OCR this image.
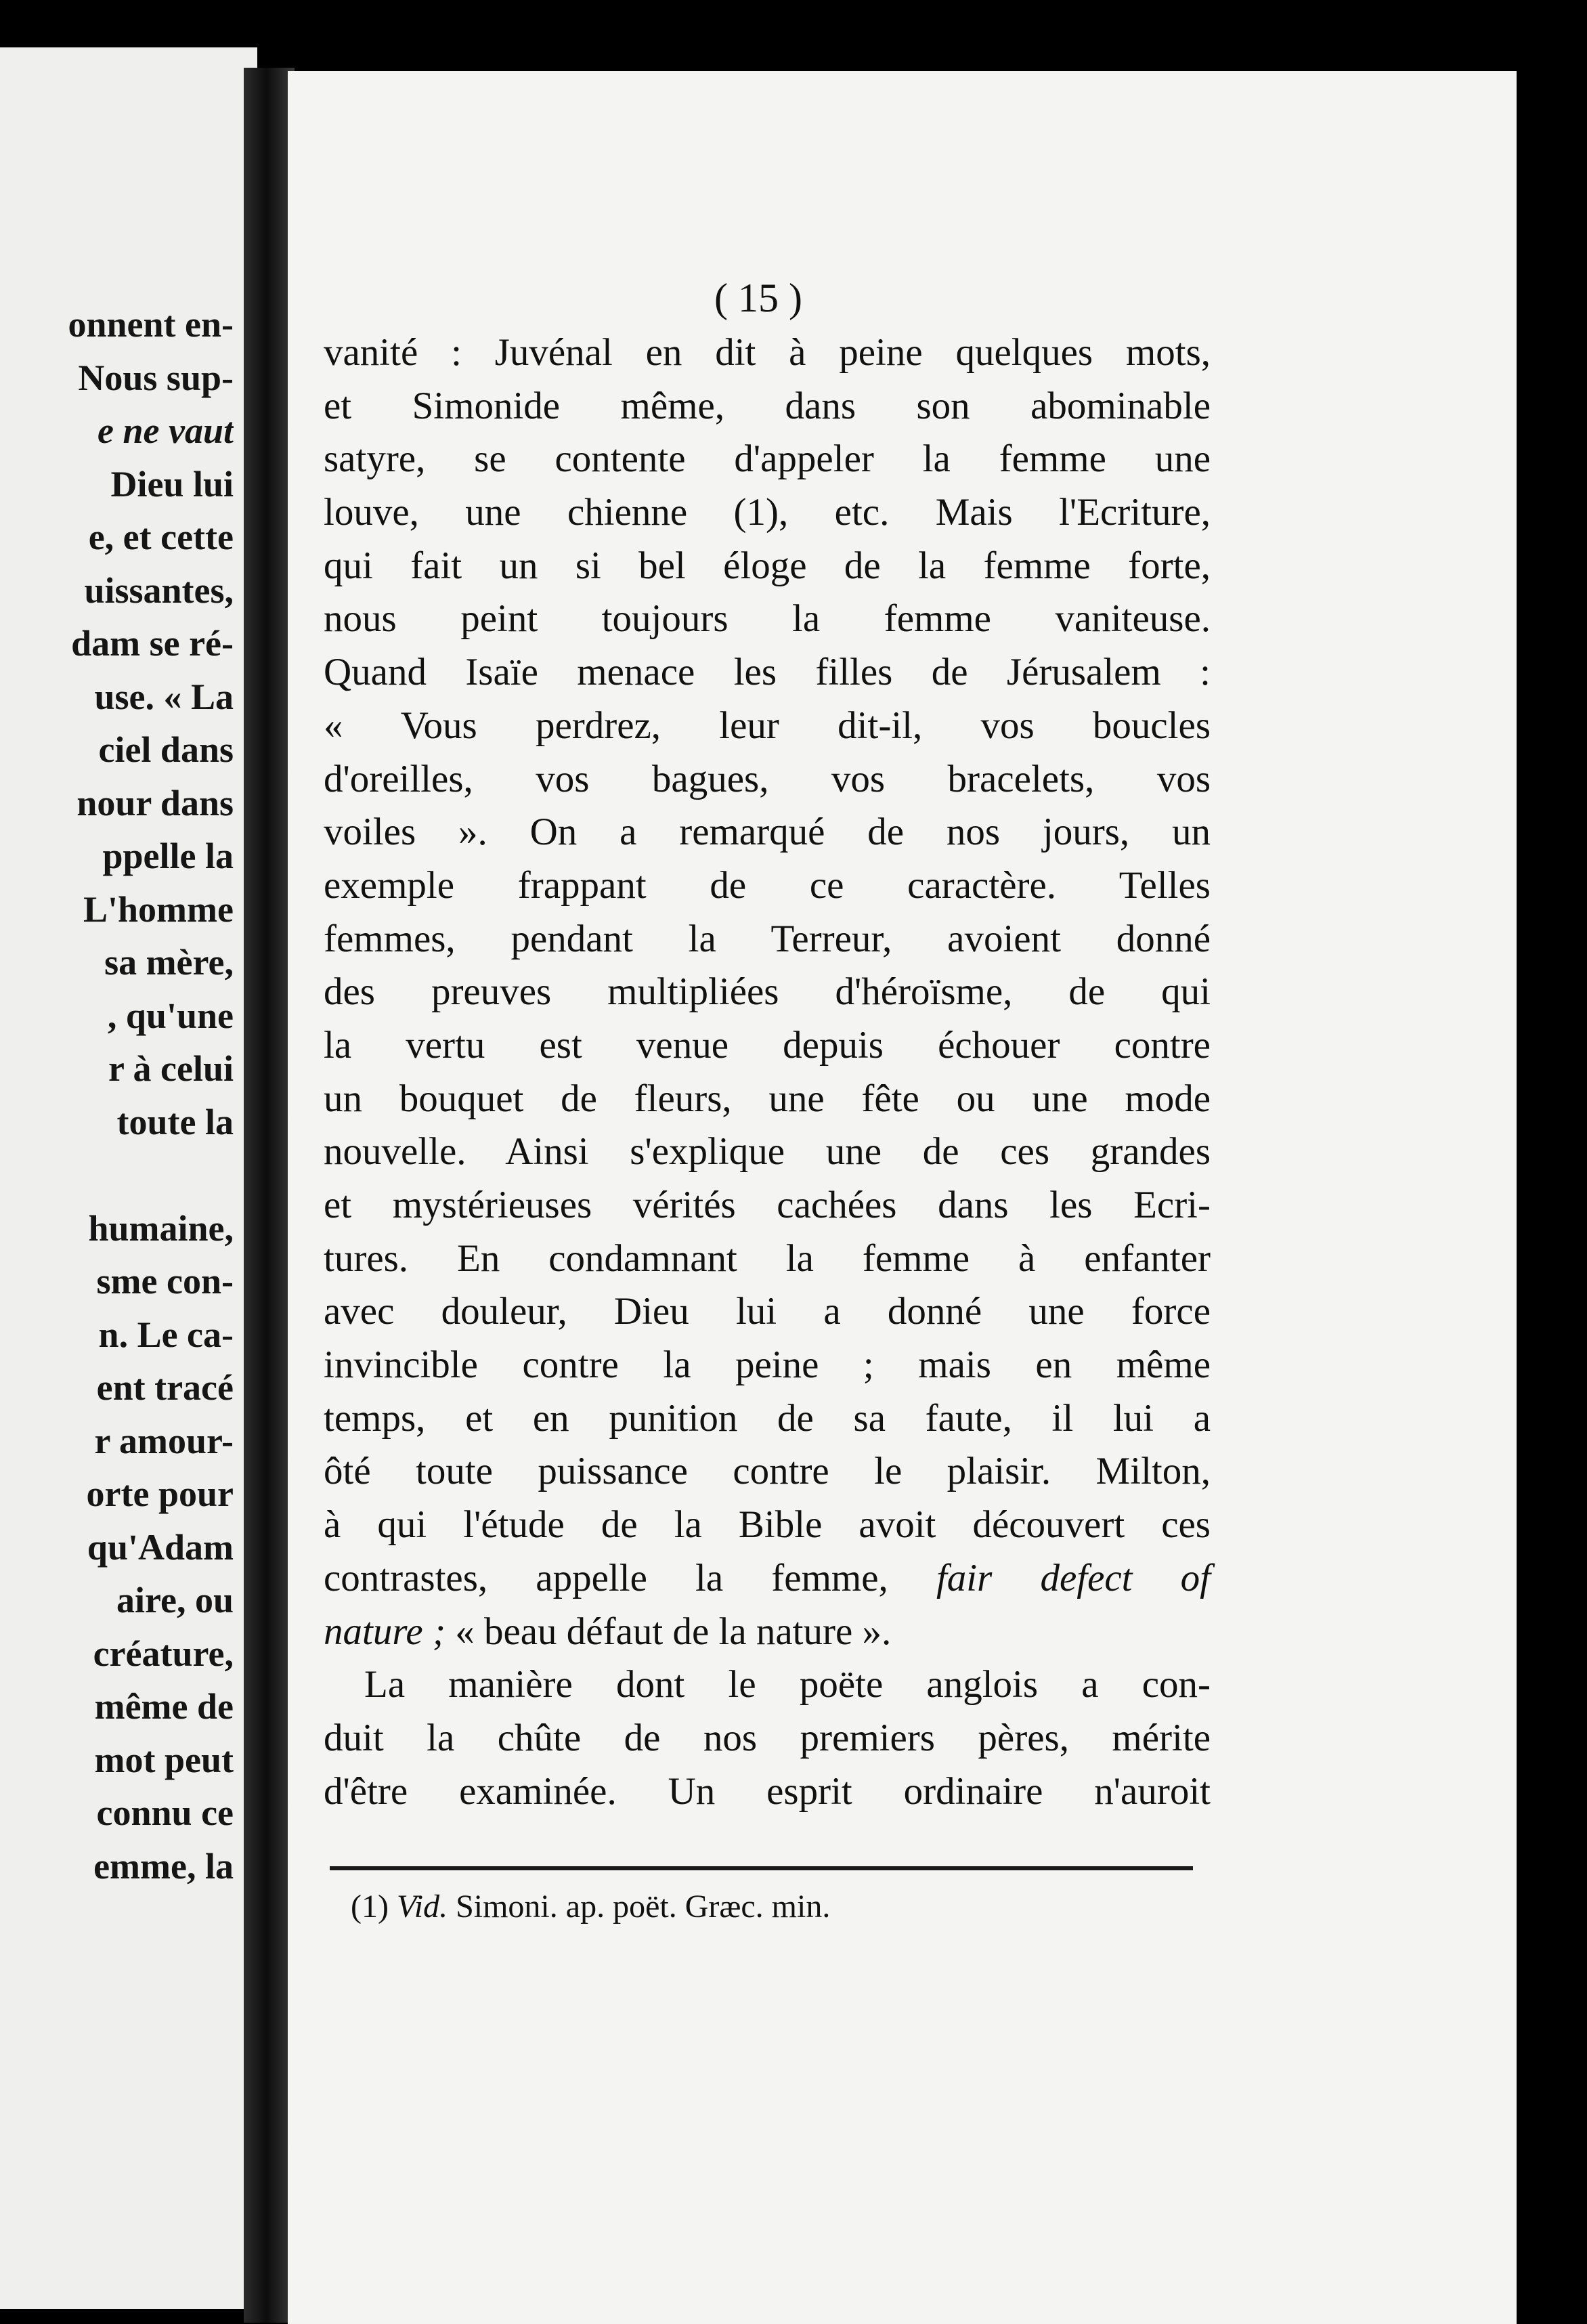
onnent en-
Nous sup-
e ne vaut
Dieu lui
e, et cette
uissantes,
dam se ré-
use. « La
ciel dans
nour dans
ppelle la
L'homme
sa mère,
, qu'une
r à celui
toute la
humaine,
sme con-
n. Le ca-
ent tracé
r amour-
orte pour
qu'Adam
aire, ou
créature,
même de
mot peut
connu ce
emme, la
( 15 )
vanité : Juvénal en dit à peine quelques mots,
et Simonide même, dans son abominable
satyre, se contente d'appeler la femme une
louve, une chienne (1), etc. Mais l'Ecriture,
qui fait un si bel éloge de la femme forte,
nous peint toujours la femme vaniteuse.
Quand Isaïe menace les filles de Jérusalem :
« Vous perdrez, leur dit-il, vos boucles
d'oreilles, vos bagues, vos bracelets, vos
voiles ». On a remarqué de nos jours, un
exemple frappant de ce caractère. Telles
femmes, pendant la Terreur, avoient donné
des preuves multipliées d'héroïsme, de qui
la vertu est venue depuis échouer contre
un bouquet de fleurs, une fête ou une mode
nouvelle. Ainsi s'explique une de ces grandes
et mystérieuses vérités cachées dans les Ecri-
tures. En condamnant la femme à enfanter
avec douleur, Dieu lui a donné une force
invincible contre la peine ; mais en même
temps, et en punition de sa faute, il lui a
ôté toute puissance contre le plaisir. Milton,
à qui l'étude de la Bible avoit découvert ces
contrastes, appelle la femme, fair defect of
nature ; « beau défaut de la nature ».
La manière dont le poëte anglois a con-
duit la chûte de nos premiers pères, mérite
d'être examinée. Un esprit ordinaire n'auroit
(1) Vid. Simoni. ap. poët. Græc. min.
